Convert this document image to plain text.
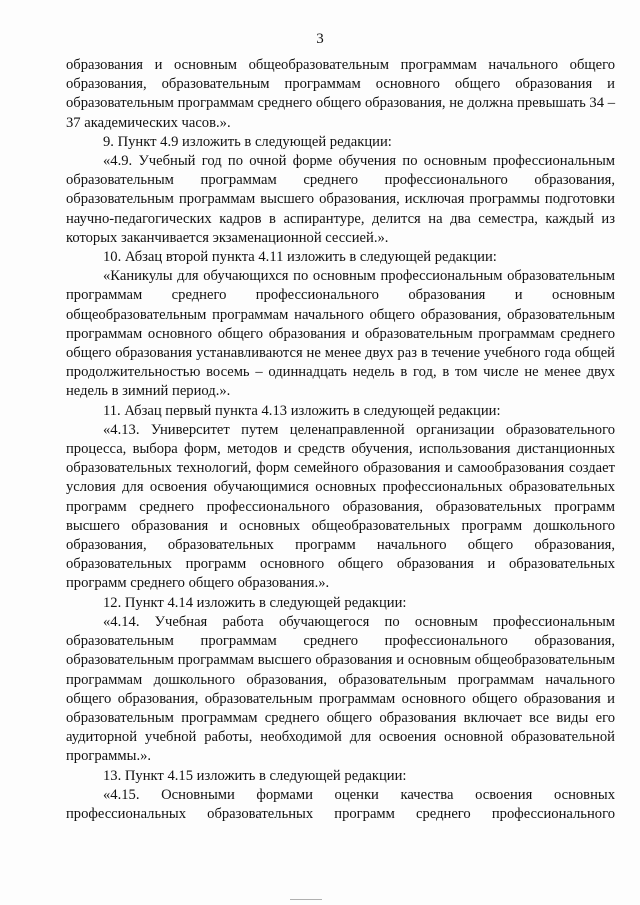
3

образования и основным общеобразовательным программам начального общего образования, образовательным программам основного общего образования и образовательным программам среднего общего образования, не должна превышать 34 – 37 академических часов.».

9. Пункт 4.9 изложить в следующей редакции:

«4.9. Учебный год по очной форме обучения по основным профессиональным образовательным программам среднего профессионального образования, образовательным программам высшего образования, исключая программы подготовки научно-педагогических кадров в аспирантуре, делится на два семестра, каждый из которых заканчивается экзаменационной сессией.».

10. Абзац второй пункта 4.11 изложить в следующей редакции:

«Каникулы для обучающихся по основным профессиональным образовательным программам среднего профессионального образования и основным общеобразовательным программам начального общего образования, образовательным программам основного общего образования и образовательным программам среднего общего образования устанавливаются не менее двух раз в течение учебного года общей продолжительностью восемь – одиннадцать недель в год, в том числе не менее двух недель в зимний период.».

11. Абзац первый пункта 4.13 изложить в следующей редакции:

«4.13. Университет путем целенаправленной организации образовательного процесса, выбора форм, методов и средств обучения, использования дистанционных образовательных технологий, форм семейного образования и самообразования создает условия для освоения обучающимися основных профессиональных образовательных программ среднего профессионального образования, образовательных программ высшего образования и основных общеобразовательных программ дошкольного образования, образовательных программ начального общего образования, образовательных программ основного общего образования и образовательных программ среднего общего образования.».

12. Пункт 4.14 изложить в следующей редакции:

«4.14. Учебная работа обучающегося по основным профессиональным образовательным программам среднего профессионального образования, образовательным программам высшего образования и основным общеобразовательным программам дошкольного образования, образовательным программам начального общего образования, образовательным программам основного общего образования и образовательным программам среднего общего образования включает все виды его аудиторной учебной работы, необходимой для освоения основной образовательной программы.».

13. Пункт 4.15 изложить в следующей редакции:

«4.15. Основными формами оценки качества освоения основных профессиональных образовательных программ среднего профессионального
